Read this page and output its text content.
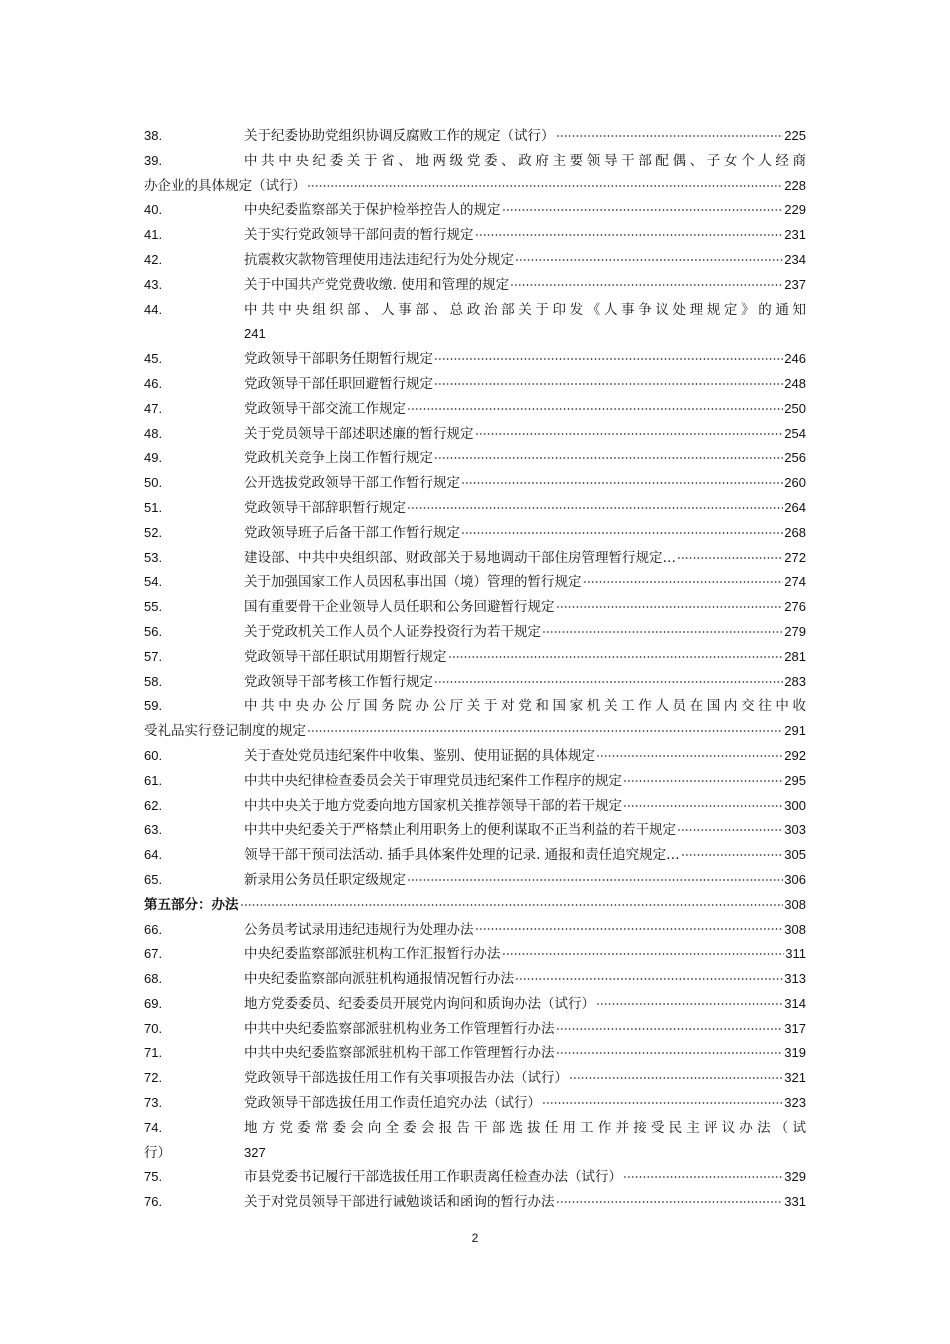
38.	关于纪委协助党组织协调反腐败工作的规定（试行）	225
39.	中共中央纪委关于省、地两级党委、政府主要领导干部配偶、子女个人经商
办企业的具体规定（试行）	228
40.	中央纪委监察部关于保护检举控告人的规定	229
41.	关于实行党政领导干部问责的暂行规定	231
42.	抗震救灾款物管理使用违法违纪行为处分规定	234
43.	关于中国共产党党费收缴. 使用和管理的规定	237
44.	中共中央组织部、人事部、总政治部关于印发《人事争议处理规定》的通知
241
45.	党政领导干部职务任期暂行规定	246
46.	党政领导干部任职回避暂行规定	248
47.	党政领导干部交流工作规定	250
48.	关于党员领导干部述职述廉的暂行规定	254
49.	党政机关竞争上岗工作暂行规定	256
50.	公开选拔党政领导干部工作暂行规定	260
51.	党政领导干部辞职暂行规定	264
52.	党政领导班子后备干部工作暂行规定	268
53.	建设部、中共中央组织部、财政部关于易地调动干部住房管理暂行规定…	272
54.	关于加强国家工作人员因私事出国（境）管理的暂行规定	274
55.	国有重要骨干企业领导人员任职和公务回避暂行规定	276
56.	关于党政机关工作人员个人证券投资行为若干规定	279
57.	党政领导干部任职试用期暂行规定	281
58.	党政领导干部考核工作暂行规定	283
59.	中共中央办公厅国务院办公厅关于对党和国家机关工作人员在国内交往中收
受礼品实行登记制度的规定	291
60.	关于查处党员违纪案件中收集、鉴别、使用证据的具体规定	292
61.	中共中央纪律检查委员会关于审理党员违纪案件工作程序的规定	295
62.	中共中央关于地方党委向地方国家机关推荐领导干部的若干规定	300
63.	中共中央纪委关于严格禁止利用职务上的便利谋取不正当利益的若干规定	303
64.	领导干部干预司法活动. 插手具体案件处理的记录. 通报和责任追究规定…	305
65.	新录用公务员任职定级规定	306
第五部分：办法	308
66.	公务员考试录用违纪违规行为处理办法	308
67.	中央纪委监察部派驻机构工作汇报暂行办法	311
68.	中央纪委监察部向派驻机构通报情况暂行办法	313
69.	地方党委委员、纪委委员开展党内询问和质询办法（试行）	314
70.	中共中央纪委监察部派驻机构业务工作管理暂行办法	317
71.	中共中央纪委监察部派驻机构干部工作管理暂行办法	319
72.	党政领导干部选拔任用工作有关事项报告办法（试行）	321
73.	党政领导干部选拔任用工作责任追究办法（试行）	323
74.	地方党委常委会向全委会报告干部选拔任用工作并接受民主评议办法（试
行）	327
75.	市县党委书记履行干部选拔任用工作职责离任检查办法（试行）	329
76.	关于对党员领导干部进行诫勉谈话和函询的暂行办法	331
2
